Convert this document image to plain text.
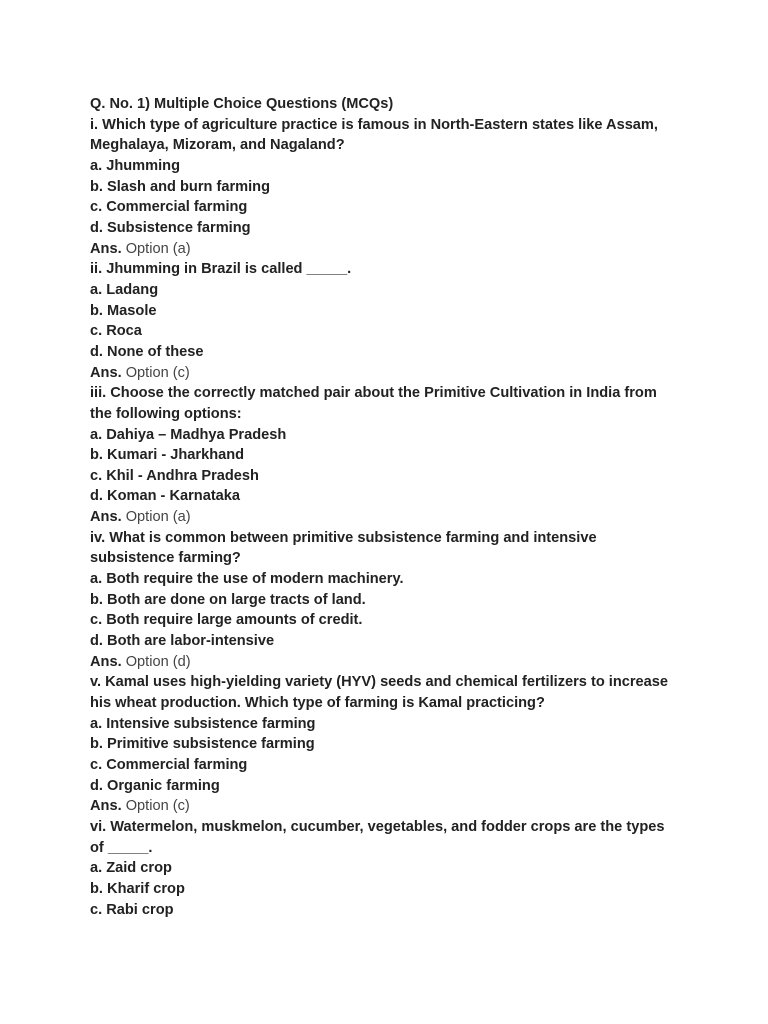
Q. No. 1) Multiple Choice Questions (MCQs)
i. Which type of agriculture practice is famous in North-Eastern states like Assam,
Meghalaya, Mizoram, and Nagaland?
a. Jhumming
b. Slash and burn farming
c. Commercial farming
d. Subsistence farming
Ans. Option (a)
ii. Jhumming in Brazil is called _____.
a. Ladang
b. Masole
c. Roca
d. None of these
Ans. Option (c)
iii. Choose the correctly matched pair about the Primitive Cultivation in India from
the following options:
a. Dahiya – Madhya Pradesh
b. Kumari - Jharkhand
c. Khil - Andhra Pradesh
d. Koman - Karnataka
Ans. Option (a)
iv. What is common between primitive subsistence farming and intensive
subsistence farming?
a. Both require the use of modern machinery.
b. Both are done on large tracts of land.
c. Both require large amounts of credit.
d. Both are labor-intensive
Ans. Option (d)
v. Kamal uses high-yielding variety (HYV) seeds and chemical fertilizers to increase
his wheat production. Which type of farming is Kamal practicing?
a. Intensive subsistence farming
b. Primitive subsistence farming
c. Commercial farming
d. Organic farming
Ans. Option (c)
vi. Watermelon, muskmelon, cucumber, vegetables, and fodder crops are the types
of _____.
a. Zaid crop
b. Kharif crop
c. Rabi crop
